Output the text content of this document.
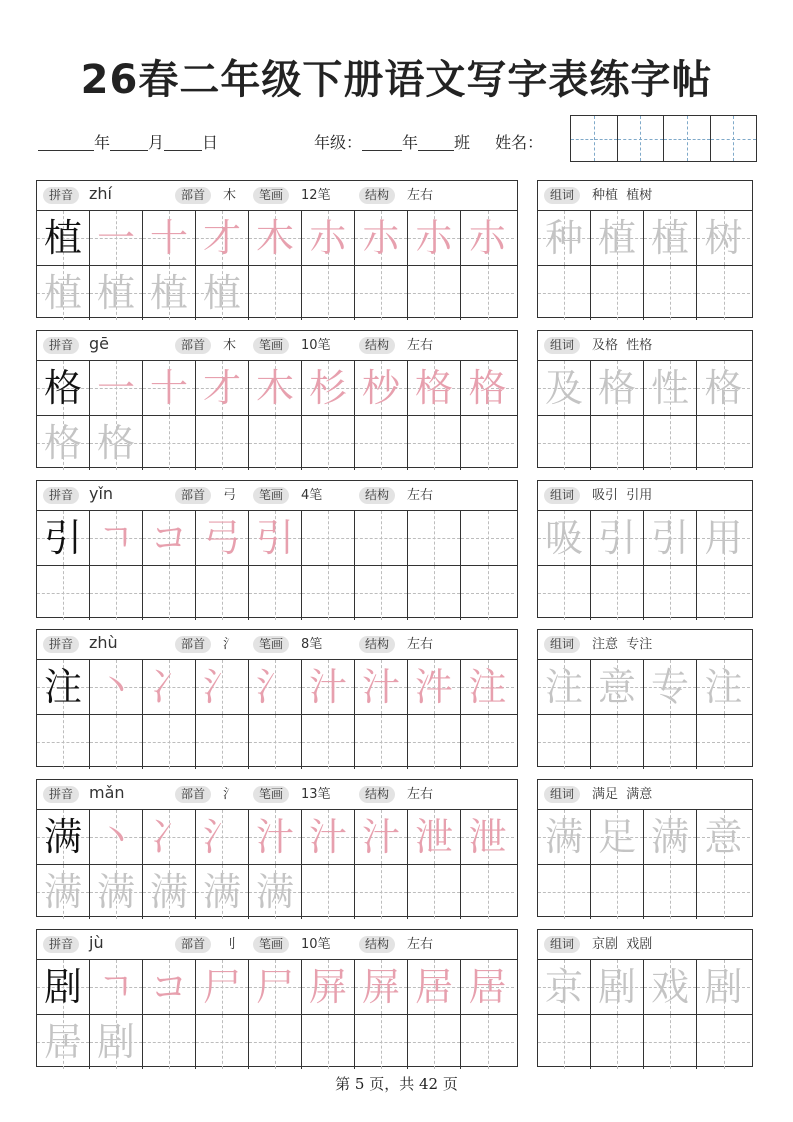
26春二年级下册语文写字表练字帖
年 月 日	年级：	年 班 姓名：
拼音 zhí	部首	木	笔画	12笔	结构	左右
植 一 十 才 木 朩 朩 朩 朩
植 植 植 植
组词	种植  植树
种 植 植 树
拼音 gē	部首	木	笔画	10笔	结构	左右
格 一 十 才 木 杉 杪 格 格
格 格
组词	及格  性格
及 格 性 格
拼音 yǐn	部首	弓	笔画	4笔	结构	左右
引 ㄱ コ 弓 引
组词	吸引  引用
吸 引 引 用
拼音 zhù	部首	氵	笔画	8笔	结构	左右
注 丶 冫 氵 氵 汁 汁 汼 注
组词	注意  专注
注 意 专 注
拼音 mǎn	部首	氵	笔画	13笔	结构	左右
满 丶 冫 氵 汁 汁 汁 泄 泄
满 满 满 满 满
组词	满足  满意
满 足 满 意
拼音 jù	部首	刂	笔画	10笔	结构	左右
剧 ㄱ コ 尸 尸 屏 屏 居 居
居 剧
组词	京剧  戏剧
京 剧 戏 剧
第 5 页，共 42 页
